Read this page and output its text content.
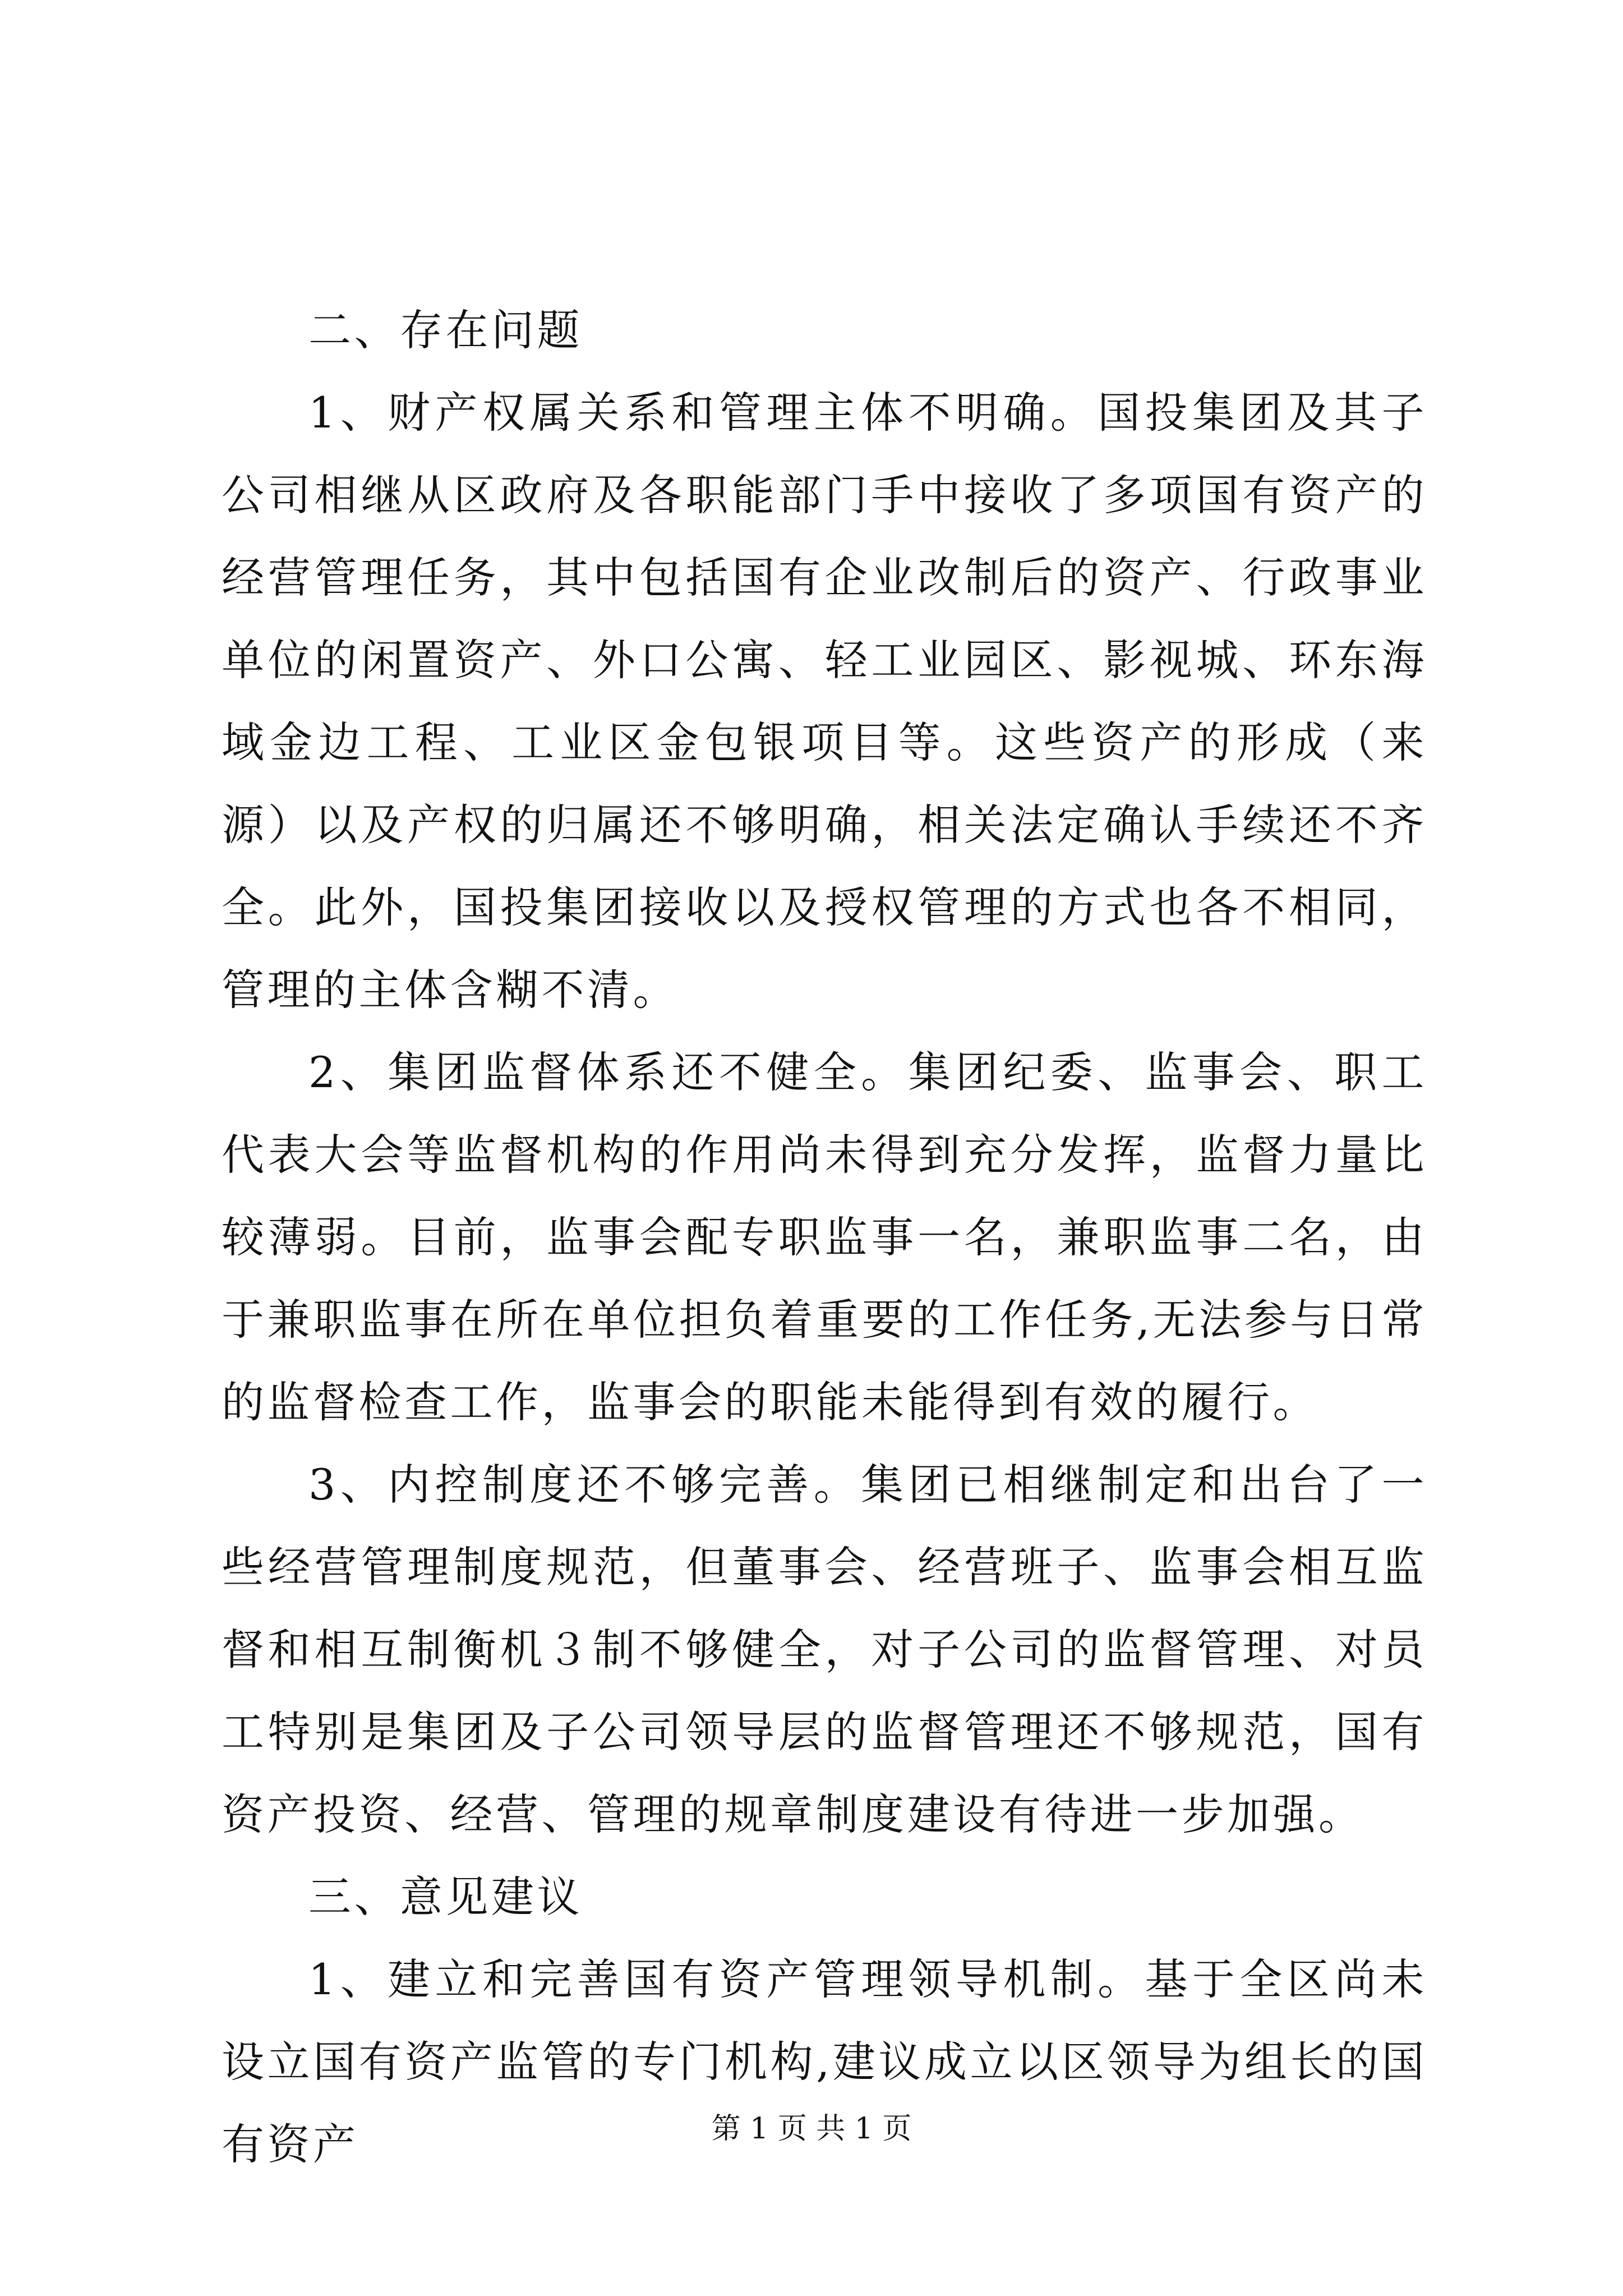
二、存在问题

1、财产权属关系和管理主体不明确。国投集团及其子公司相继从区政府及各职能部门手中接收了多项国有资产的经营管理任务，其中包括国有企业改制后的资产、行政事业单位的闲置资产、外口公寓、轻工业园区、影视城、环东海域金边工程、工业区金包银项目等。这些资产的形成（来源）以及产权的归属还不够明确，相关法定确认手续还不齐全。此外，国投集团接收以及授权管理的方式也各不相同，管理的主体含糊不清。

2、集团监督体系还不健全。集团纪委、监事会、职工代表大会等监督机构的作用尚未得到充分发挥，监督力量比较薄弱。目前，监事会配专职监事一名，兼职监事二名，由于兼职监事在所在单位担负着重要的工作任务,无法参与日常的监督检查工作，监事会的职能未能得到有效的履行。

3、内控制度还不够完善。集团已相继制定和出台了一些经营管理制度规范，但董事会、经营班子、监事会相互监督和相互制衡机３制不够健全，对子公司的监督管理、对员工特别是集团及子公司领导层的监督管理还不够规范，国有资产投资、经营、管理的规章制度建设有待进一步加强。

三、意见建议

1、建立和完善国有资产管理领导机制。基于全区尚未设立国有资产监管的专门机构,建议成立以区领导为组长的国有资产	第 1 页 共 1 页
